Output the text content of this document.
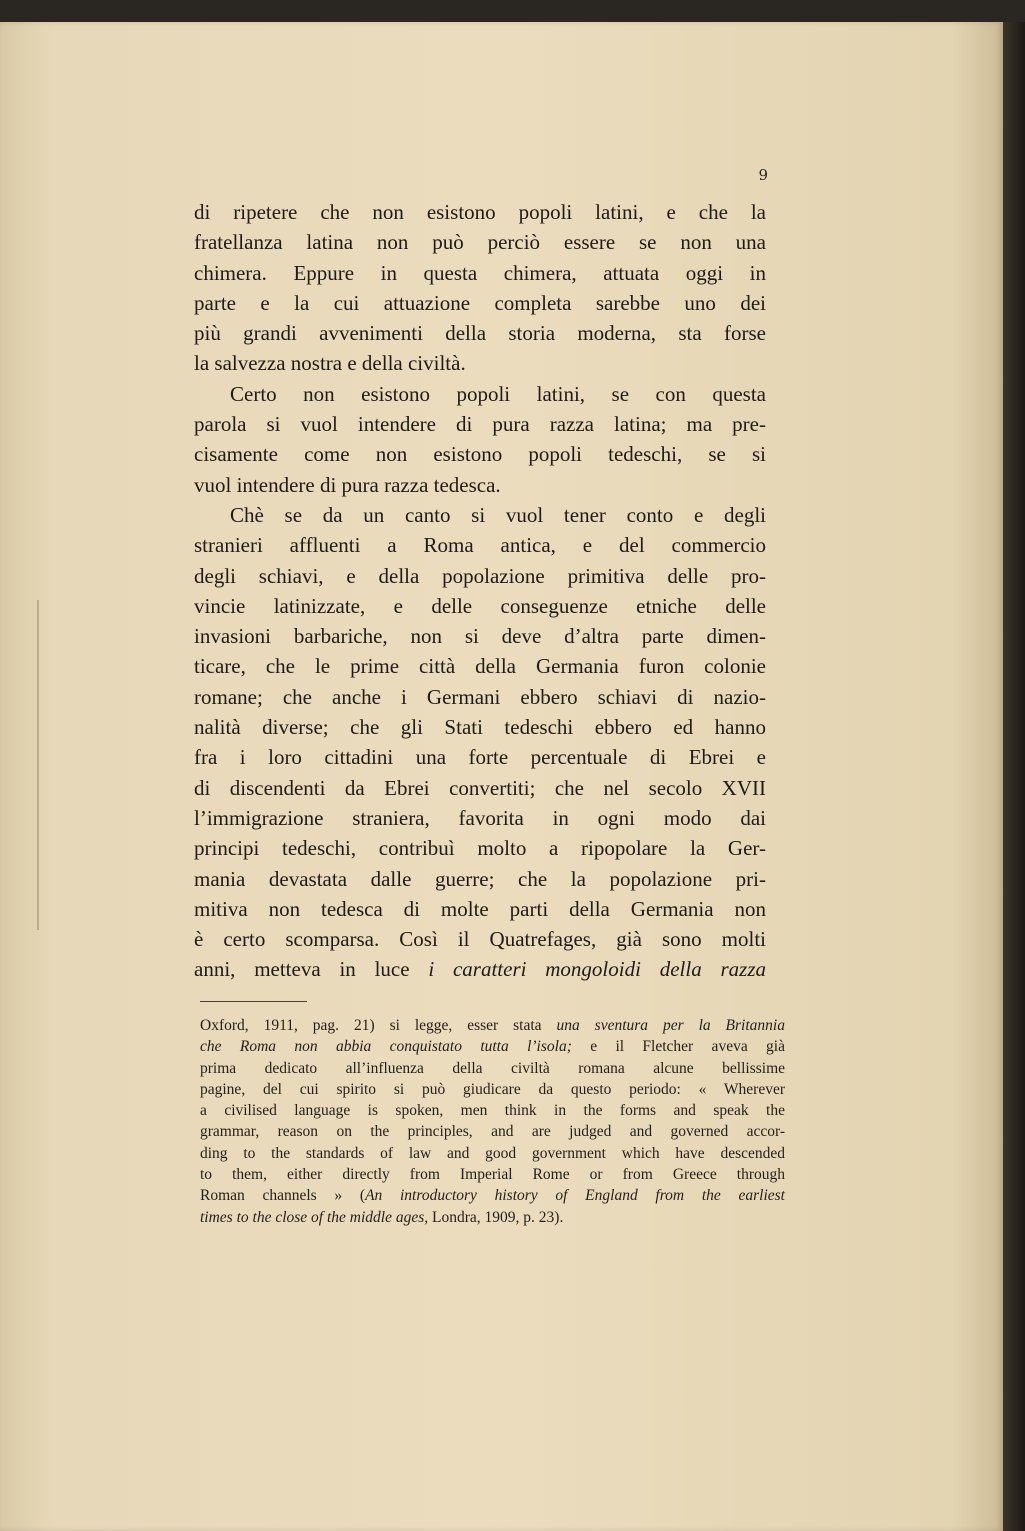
9
di ripetere che non esistono popoli latini, e che la
fratellanza latina non può perciò essere se non una
chimera. Eppure in questa chimera, attuata oggi in
parte e la cui attuazione completa sarebbe uno dei
più grandi avvenimenti della storia moderna, sta forse
la salvezza nostra e della civiltà.
Certo non esistono popoli latini, se con questa
parola si vuol intendere di pura razza latina; ma pre-
cisamente come non esistono popoli tedeschi, se si
vuol intendere di pura razza tedesca.
Chè se da un canto si vuol tener conto e degli
stranieri affluenti a Roma antica, e del commercio
degli schiavi, e della popolazione primitiva delle pro-
vincie latinizzate, e delle conseguenze etniche delle
invasioni barbariche, non si deve d’altra parte dimen-
ticare, che le prime città della Germania furon colonie
romane; che anche i Germani ebbero schiavi di nazio-
nalità diverse; che gli Stati tedeschi ebbero ed hanno
fra i loro cittadini una forte percentuale di Ebrei e
di discendenti da Ebrei convertiti; che nel secolo XVII
l’immigrazione straniera, favorita in ogni modo dai
principi tedeschi, contribuì molto a ripopolare la Ger-
mania devastata dalle guerre; che la popolazione pri-
mitiva non tedesca di molte parti della Germania non
è certo scomparsa. Così il Quatrefages, già sono molti
anni, metteva in luce i caratteri mongoloidi della razza
Oxford, 1911, pag. 21) si legge, esser stata una sventura per la Britannia
che Roma non abbia conquistato tutta l’isola; e il Fletcher aveva già
prima dedicato all’influenza della civiltà romana alcune bellissime
pagine, del cui spirito si può giudicare da questo periodo: « Wherever
a civilised language is spoken, men think in the forms and speak the
grammar, reason on the principles, and are judged and governed accor-
ding to the standards of law and good government which have descended
to them, either directly from Imperial Rome or from Greece through
Roman channels » (An introductory history of England from the earliest
times to the close of the middle ages, Londra, 1909, p. 23).
